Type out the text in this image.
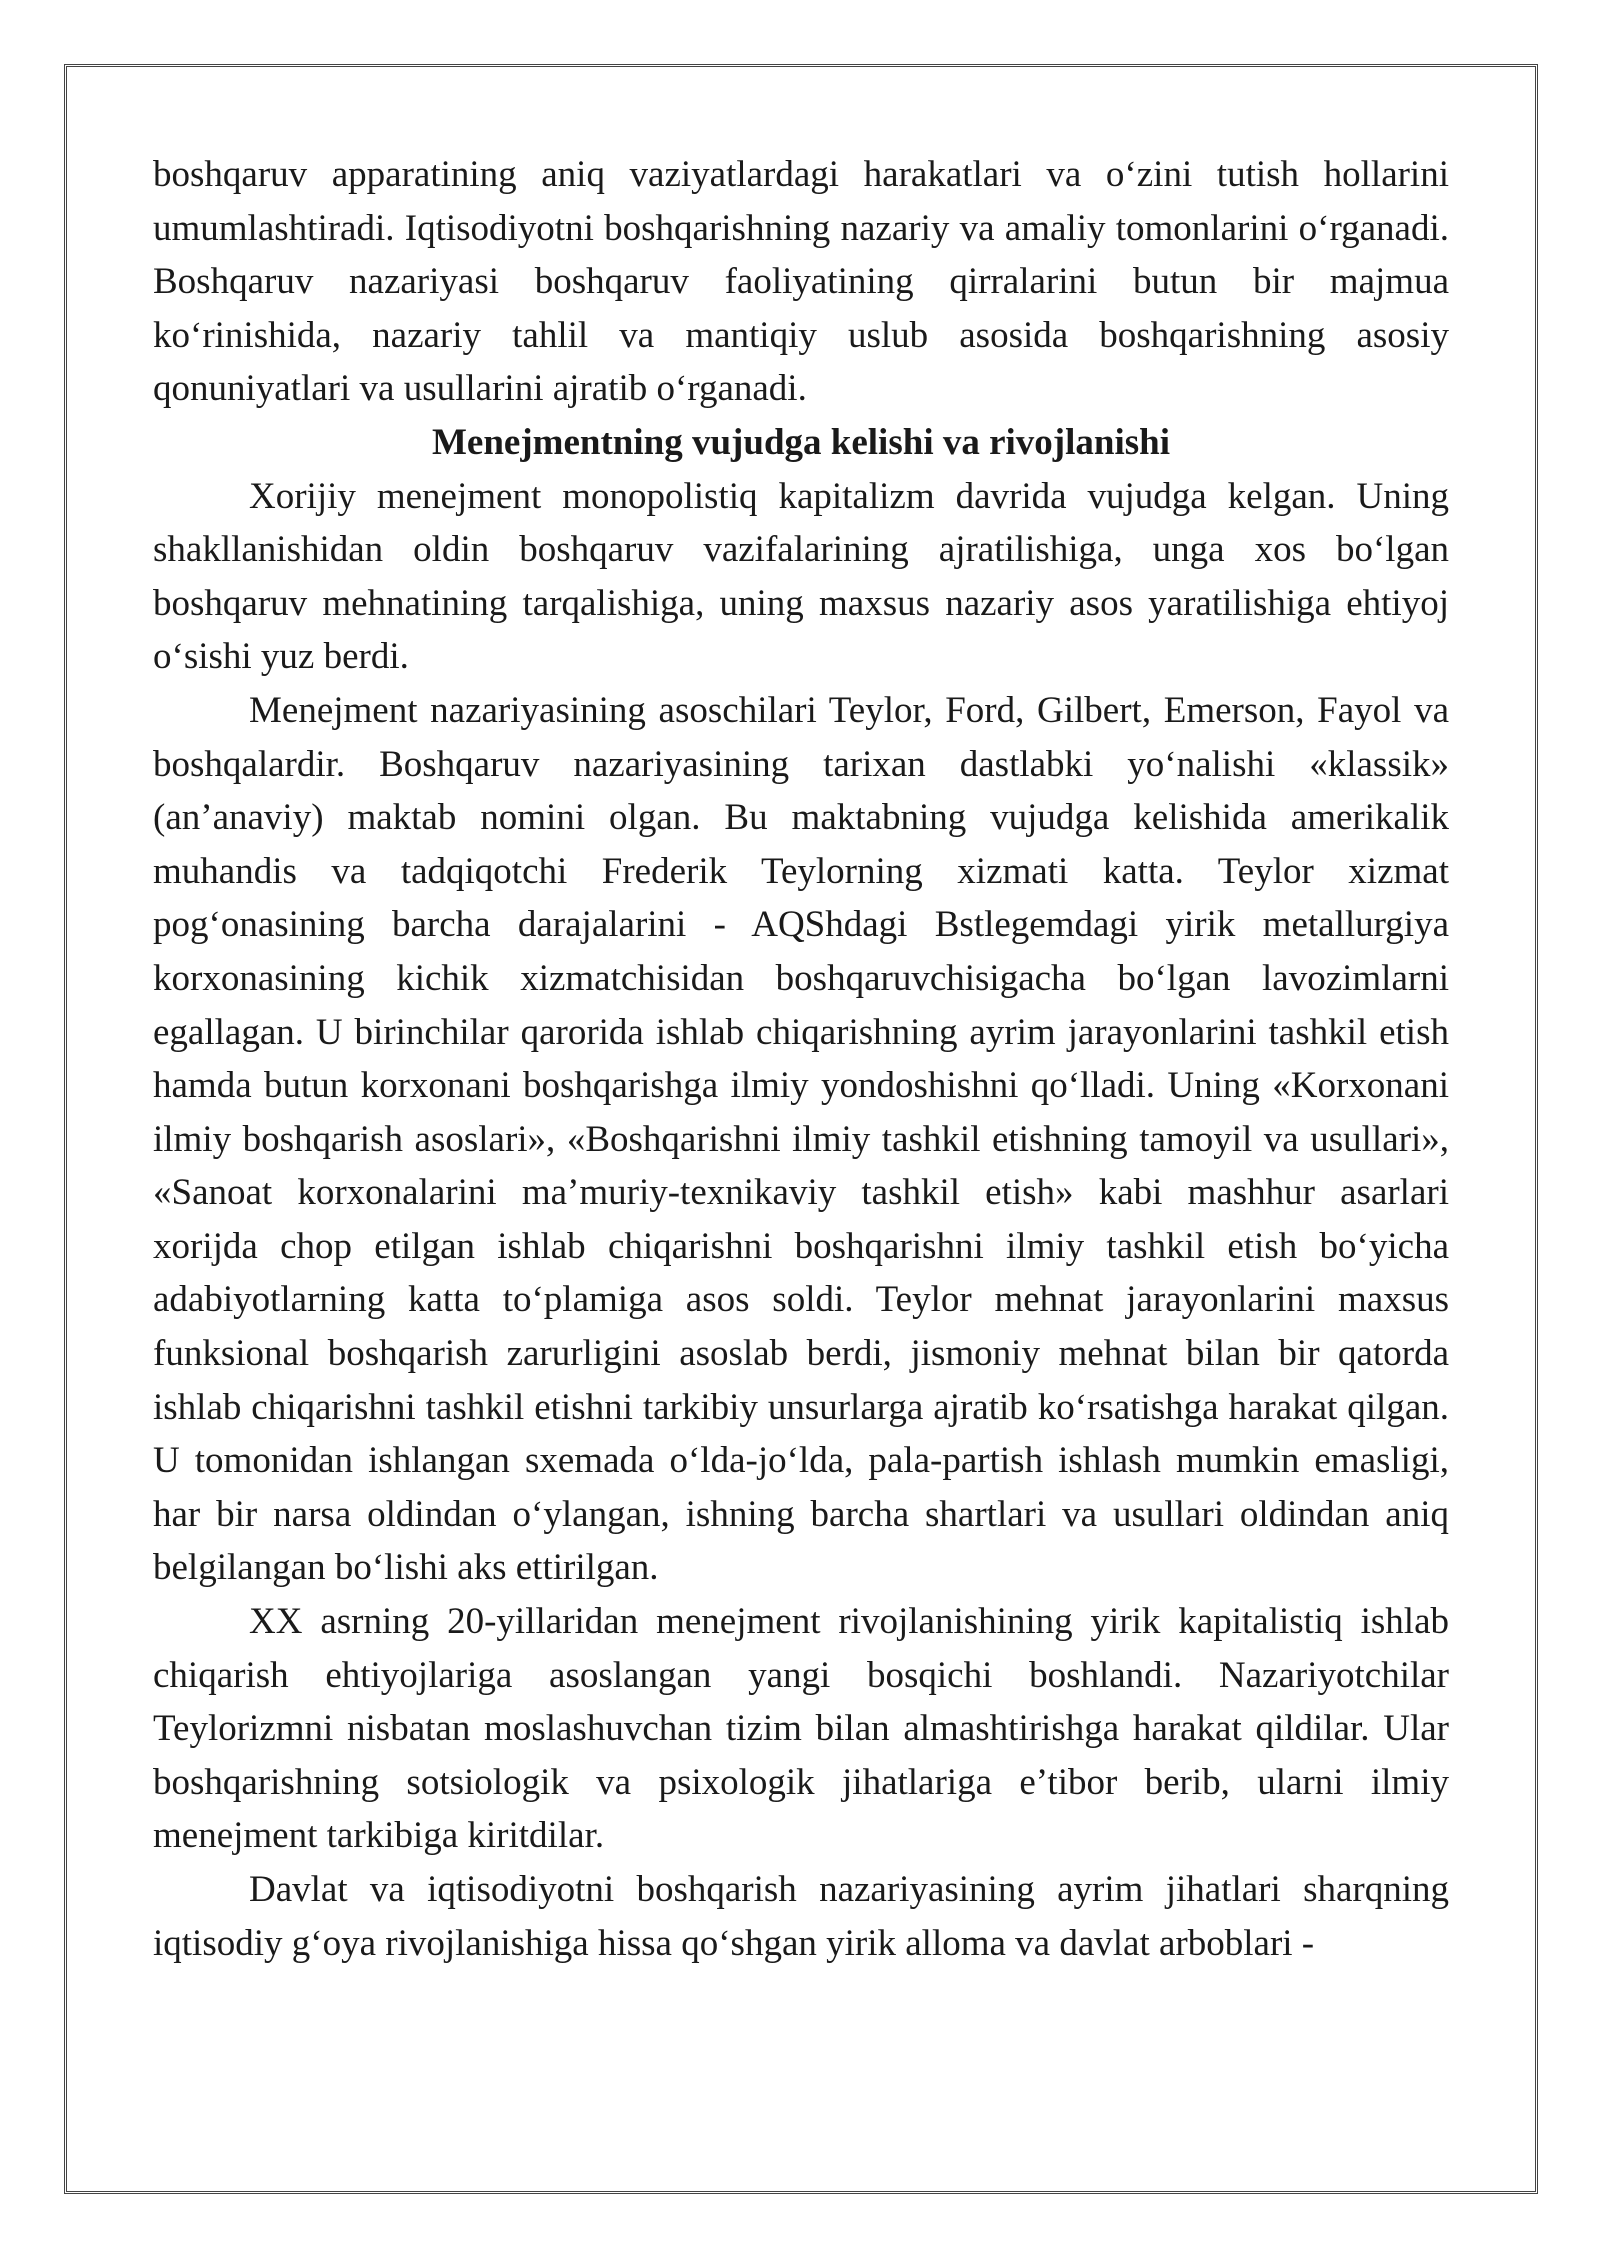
boshqaruv apparatining aniq vaziyatlardagi harakatlari va o‘zini tutish hollarini umumlashtiradi. Iqtisodiyotni boshqarishning nazariy va amaliy tomonlarini o‘rganadi. Boshqaruv nazariyasi boshqaruv faoliyatining qirralarini butun bir majmua ko‘rinishida, nazariy tahlil va mantiqiy uslub asosida boshqarishning asosiy qonuniyatlari va usullarini ajratib o‘rganadi.

Menejmentning vujudga kelishi va rivojlanishi

Xorijiy menejment monopolistiq kapitalizm davrida vujudga kelgan. Uning shakllanishidan oldin boshqaruv vazifalarining ajratilishiga, unga xos bo‘lgan boshqaruv mehnatining tarqalishiga, uning maxsus nazariy asos yaratilishiga ehtiyoj o‘sishi yuz berdi.

Menejment nazariyasining asoschilari Teylor, Ford, Gilbert, Emerson, Fayol va boshqalardir. Boshqaruv nazariyasining tarixan dastlabki yo‘nalishi «klassik» (an’anaviy) maktab nomini olgan. Bu maktabning vujudga kelishida amerikalik muhandis va tadqiqotchi Frederik Teylorning xizmati katta. Teylor xizmat pog‘onasining barcha darajalarini - AQShdagi Bstlegemdagi yirik metallurgiya korxonasining kichik xizmatchisidan boshqaruvchisigacha bo‘lgan lavozimlarni egallagan. U birinchilar qarorida ishlab chiqarishning ayrim jarayonlarini tashkil etish hamda butun korxonani boshqarishga ilmiy yondoshishni qo‘lladi. Uning «Korxonani ilmiy boshqarish asoslari», «Boshqarishni ilmiy tashkil etishning tamoyil va usullari», «Sanoat korxonalarini ma’muriy-texnikaviy tashkil etish» kabi mashhur asarlari xorijda chop etilgan ishlab chiqarishni boshqarishni ilmiy tashkil etish bo‘yicha adabiyotlarning katta to‘plamiga asos soldi. Teylor mehnat jarayonlarini maxsus funksional boshqarish zarurligini asoslab berdi, jismoniy mehnat bilan bir qatorda ishlab chiqarishni tashkil etishni tarkibiy unsurlarga ajratib ko‘rsatishga harakat qilgan. U tomonidan ishlangan sxemada o‘lda-jo‘lda, pala-partish ishlash mumkin emasligi, har bir narsa oldindan o‘ylangan, ishning barcha shartlari va usullari oldindan aniq belgilangan bo‘lishi aks ettirilgan.

XX asrning 20-yillaridan menejment rivojlanishining yirik kapitalistiq ishlab chiqarish ehtiyojlariga asoslangan yangi bosqichi boshlandi. Nazariyotchilar Teylorizmni nisbatan moslashuvchan tizim bilan almashtirishga harakat qildilar. Ular boshqarishning sotsiologik va psixologik jihatlariga e’tibor berib, ularni ilmiy menejment tarkibiga kiritdilar.

Davlat va iqtisodiyotni boshqarish nazariyasining ayrim jihatlari sharqning iqtisodiy g‘oya rivojlanishiga hissa qo‘shgan yirik alloma va davlat arboblari -
